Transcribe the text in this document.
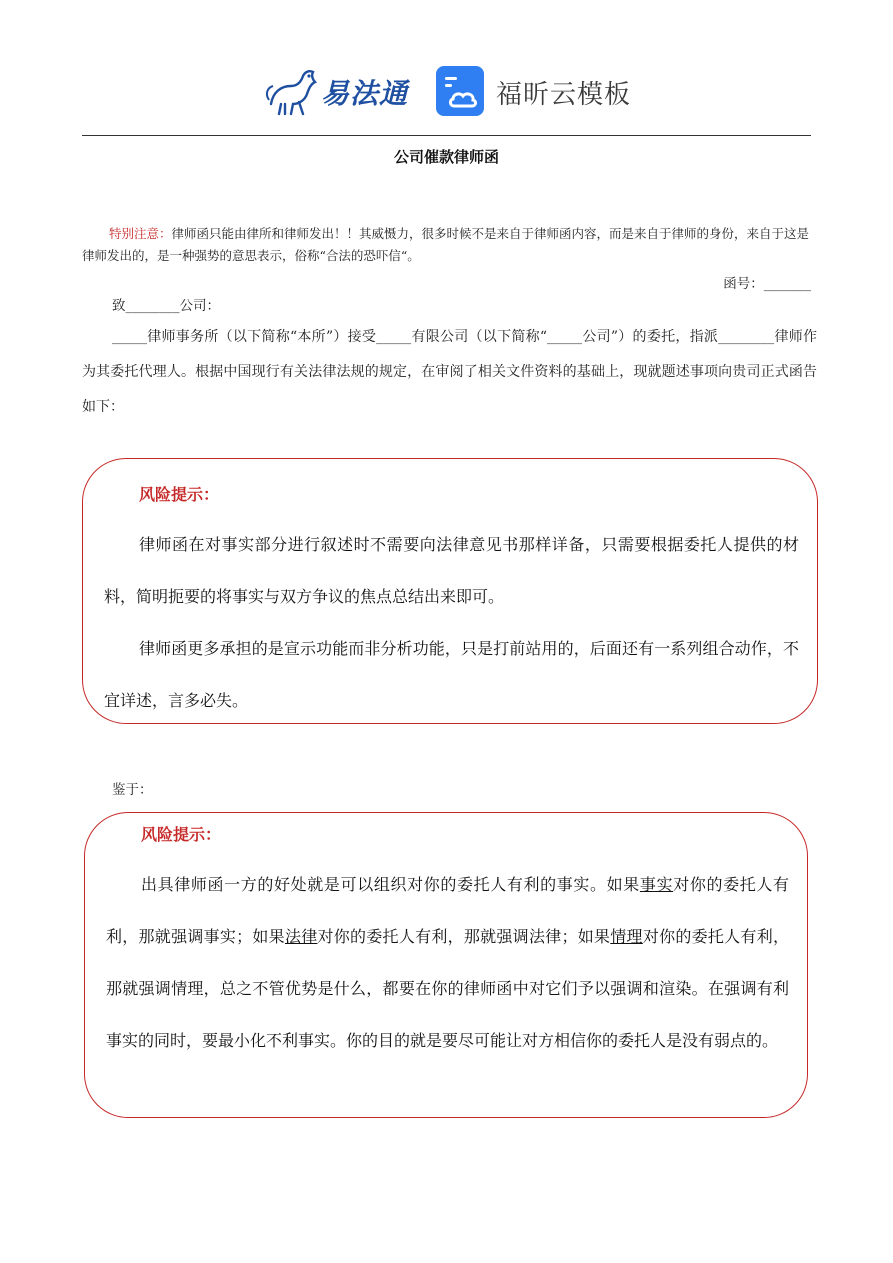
易法通	福昕云模板
公司催款律师函
特别注意：律师函只能由律所和律师发出！！其威慑力，很多时候不是来自于律师函内容，而是来自于律师的身份，来自于这是律师发出的，是一种强势的意思表示，俗称“合法的恐吓信“。
函号：_______
致________公司：
_____律师事务所（以下简称“本所”）接受_____有限公司（以下简称“_____公司”）的委托，指派________律师作为其委托代理人。根据中国现行有关法律法规的规定，在审阅了相关文件资料的基础上，现就题述事项向贵司正式函告如下：
风险提示：
律师函在对事实部分进行叙述时不需要向法律意见书那样详备，只需要根据委托人提供的材料，简明扼要的将事实与双方争议的焦点总结出来即可。
律师函更多承担的是宣示功能而非分析功能，只是打前站用的，后面还有一系列组合动作，不宜详述，言多必失。
鉴于：
风险提示：
出具律师函一方的好处就是可以组织对你的委托人有利的事实。如果事实对你的委托人有利，那就强调事实；如果法律对你的委托人有利，那就强调法律；如果情理对你的委托人有利，那就强调情理，总之不管优势是什么，都要在你的律师函中对它们予以强调和渲染。在强调有利事实的同时，要最小化不利事实。你的目的就是要尽可能让对方相信你的委托人是没有弱点的。
